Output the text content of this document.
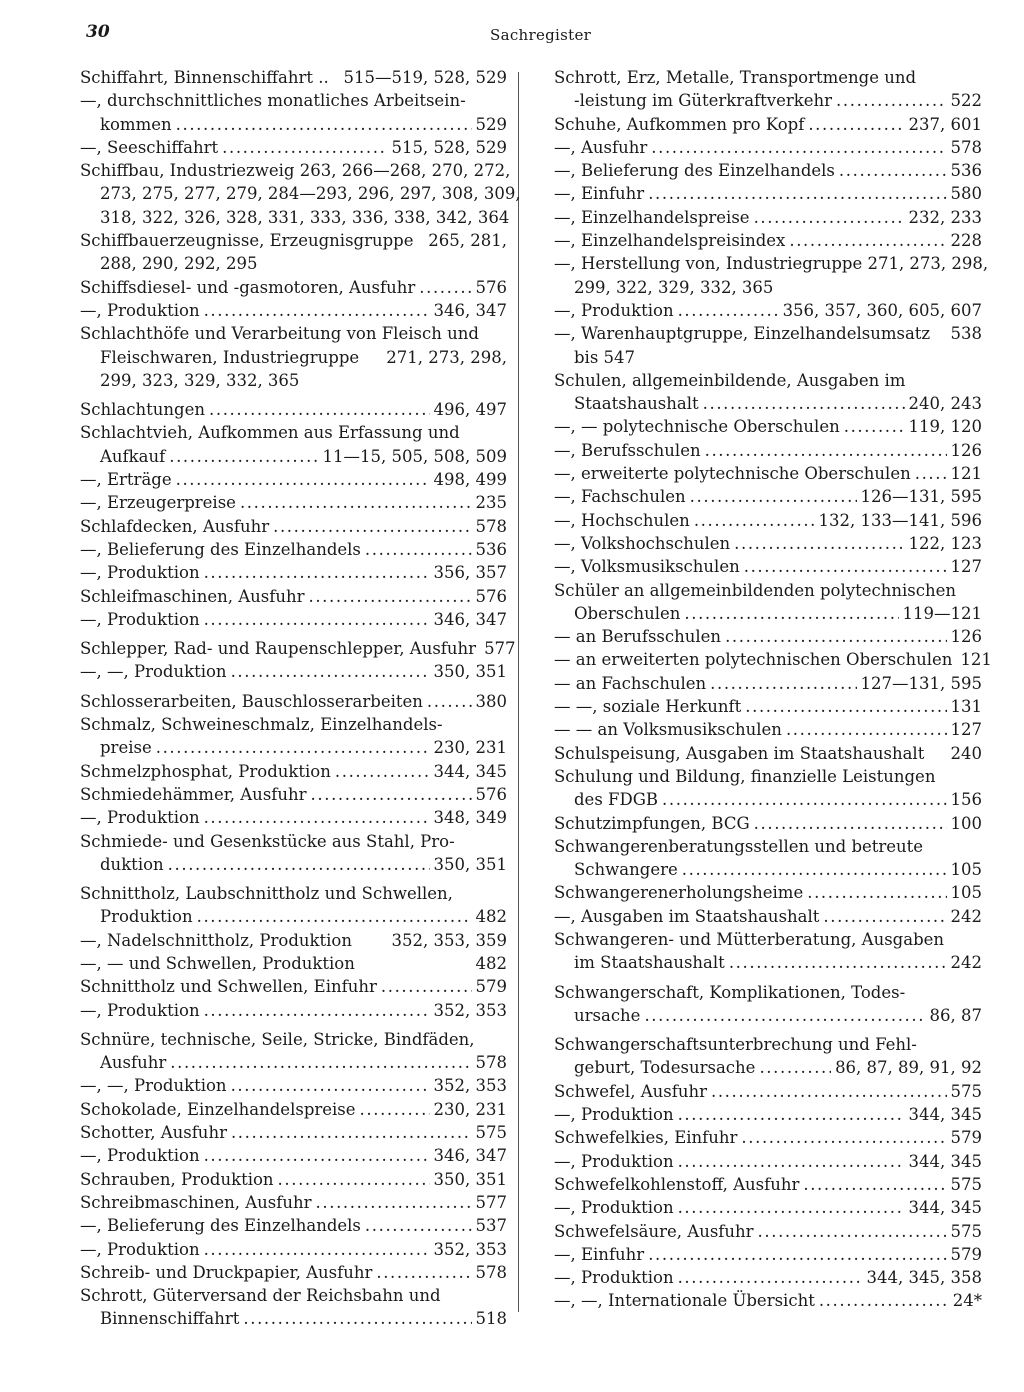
30	Sachregister
Schiffahrt, Binnenschiffahrt .. 515—519, 528, 529
—, durchschnittliches monatliches Arbeitsein-
kommen .....	529
—, Seeschiffahrt .....	515, 528, 529
Schiffbau, Industriezweig 263, 266—268, 270, 272,
273, 275, 277, 279, 284—293, 296, 297, 308, 309,
318, 322, 326, 328, 331, 333, 336, 338, 342, 364
Schiffbauerzeugnisse, Erzeugnisgruppe 265, 281,
288, 290, 292, 295
Schiffsdiesel- und -gasmotoren, Ausfuhr .....	576
—, Produktion .....	346, 347
Schlachthöfe und Verarbeitung von Fleisch und
Fleischwaren, Industriegruppe 271, 273, 298,
299, 323, 329, 332, 365
Schlachtungen .....	496, 497
Schlachtvieh, Aufkommen aus Erfassung und
Aufkauf .....	11—15, 505, 508, 509
—, Erträge .....	498, 499
—, Erzeugerpreise .....	235
Schlafdecken, Ausfuhr .....	578
—, Belieferung des Einzelhandels .....	536
—, Produktion .....	356, 357
Schleifmaschinen, Ausfuhr .....	576
—, Produktion .....	346, 347
Schlepper, Rad- und Raupenschlepper, Ausfuhr 577
—, —, Produktion .....	350, 351
Schlosserarbeiten, Bauschlosserarbeiten .....	380
Schmalz, Schweineschmalz, Einzelhandels-
preise .....	230, 231
Schmelzphosphat, Produktion .....	344, 345
Schmiedehämmer, Ausfuhr .....	576
—, Produktion .....	348, 349
Schmiede- und Gesenkstücke aus Stahl, Pro-
duktion .....	350, 351
Schnittholz, Laubschnittholz und Schwellen,
Produktion .....	482
—, Nadelschnittholz, Produktion 352, 353, 359
—, — und Schwellen, Produktion	482
Schnittholz und Schwellen, Einfuhr .....	579
—, Produktion .....	352, 353
Schnüre, technische, Seile, Stricke, Bindfäden,
Ausfuhr .....	578
—, —, Produktion .....	352, 353
Schokolade, Einzelhandelspreise .....	230, 231
Schotter, Ausfuhr .....	575
—, Produktion .....	346, 347
Schrauben, Produktion .....	350, 351
Schreibmaschinen, Ausfuhr .....	577
—, Belieferung des Einzelhandels .....	537
—, Produktion .....	352, 353
Schreib- und Druckpapier, Ausfuhr .....	578
Schrott, Güterversand der Reichsbahn und
Binnenschiffahrt .....	518
Schrott, Erz, Metalle, Transportmenge und
-leistung im Güterkraftverkehr .....	522
Schuhe, Aufkommen pro Kopf .....	237, 601
—, Ausfuhr .....	578
—, Belieferung des Einzelhandels .....	536
—, Einfuhr .....	580
—, Einzelhandelspreise .....	232, 233
—, Einzelhandelspreisindex .....	228
—, Herstellung von, Industriegruppe 271, 273, 298,
299, 322, 329, 332, 365
—, Produktion .....	356, 357, 360, 605, 607
—, Warenhauptgruppe, Einzelhandelsumsatz 538
bis 547
Schulen, allgemeinbildende, Ausgaben im
Staatshaushalt .....	240, 243
—, — polytechnische Oberschulen .....	119, 120
—, Berufsschulen .....	126
—, erweiterte polytechnische Oberschulen ..... 121
—, Fachschulen .....	126—131, 595
—, Hochschulen .....	132, 133—141, 596
—, Volkshochschulen .....	122, 123
—, Volksmusikschulen .....	127
Schüler an allgemeinbildenden polytechnischen
Oberschulen .....	119—121
— an Berufsschulen .....	126
— an erweiterten polytechnischen Oberschulen 121
— an Fachschulen .....	127—131, 595
— —, soziale Herkunft .....	131
— — an Volksmusikschulen .....	127
Schulspeisung, Ausgaben im Staatshaushalt 240
Schulung und Bildung, finanzielle Leistungen
des FDGB .....	156
Schutzimpfungen, BCG .....	100
Schwangerenberatungsstellen und betreute
Schwangere .....	105
Schwangerenerholungsheime .....	105
—, Ausgaben im Staatshaushalt .....	242
Schwangeren- und Mütterberatung, Ausgaben
im Staatshaushalt .....	242
Schwangerschaft, Komplikationen, Todes-
ursache .....	86, 87
Schwangerschaftsunterbrechung und Fehl-
geburt, Todesursache .....	86, 87, 89, 91, 92
Schwefel, Ausfuhr .....	575
—, Produktion .....	344, 345
Schwefelkies, Einfuhr .....	579
—, Produktion .....	344, 345
Schwefelkohlenstoff, Ausfuhr .....	575
—, Produktion .....	344, 345
Schwefelsäure, Ausfuhr .....	575
—, Einfuhr .....	579
—, Produktion .....	344, 345, 358
—, —, Internationale Übersicht .....	24*
